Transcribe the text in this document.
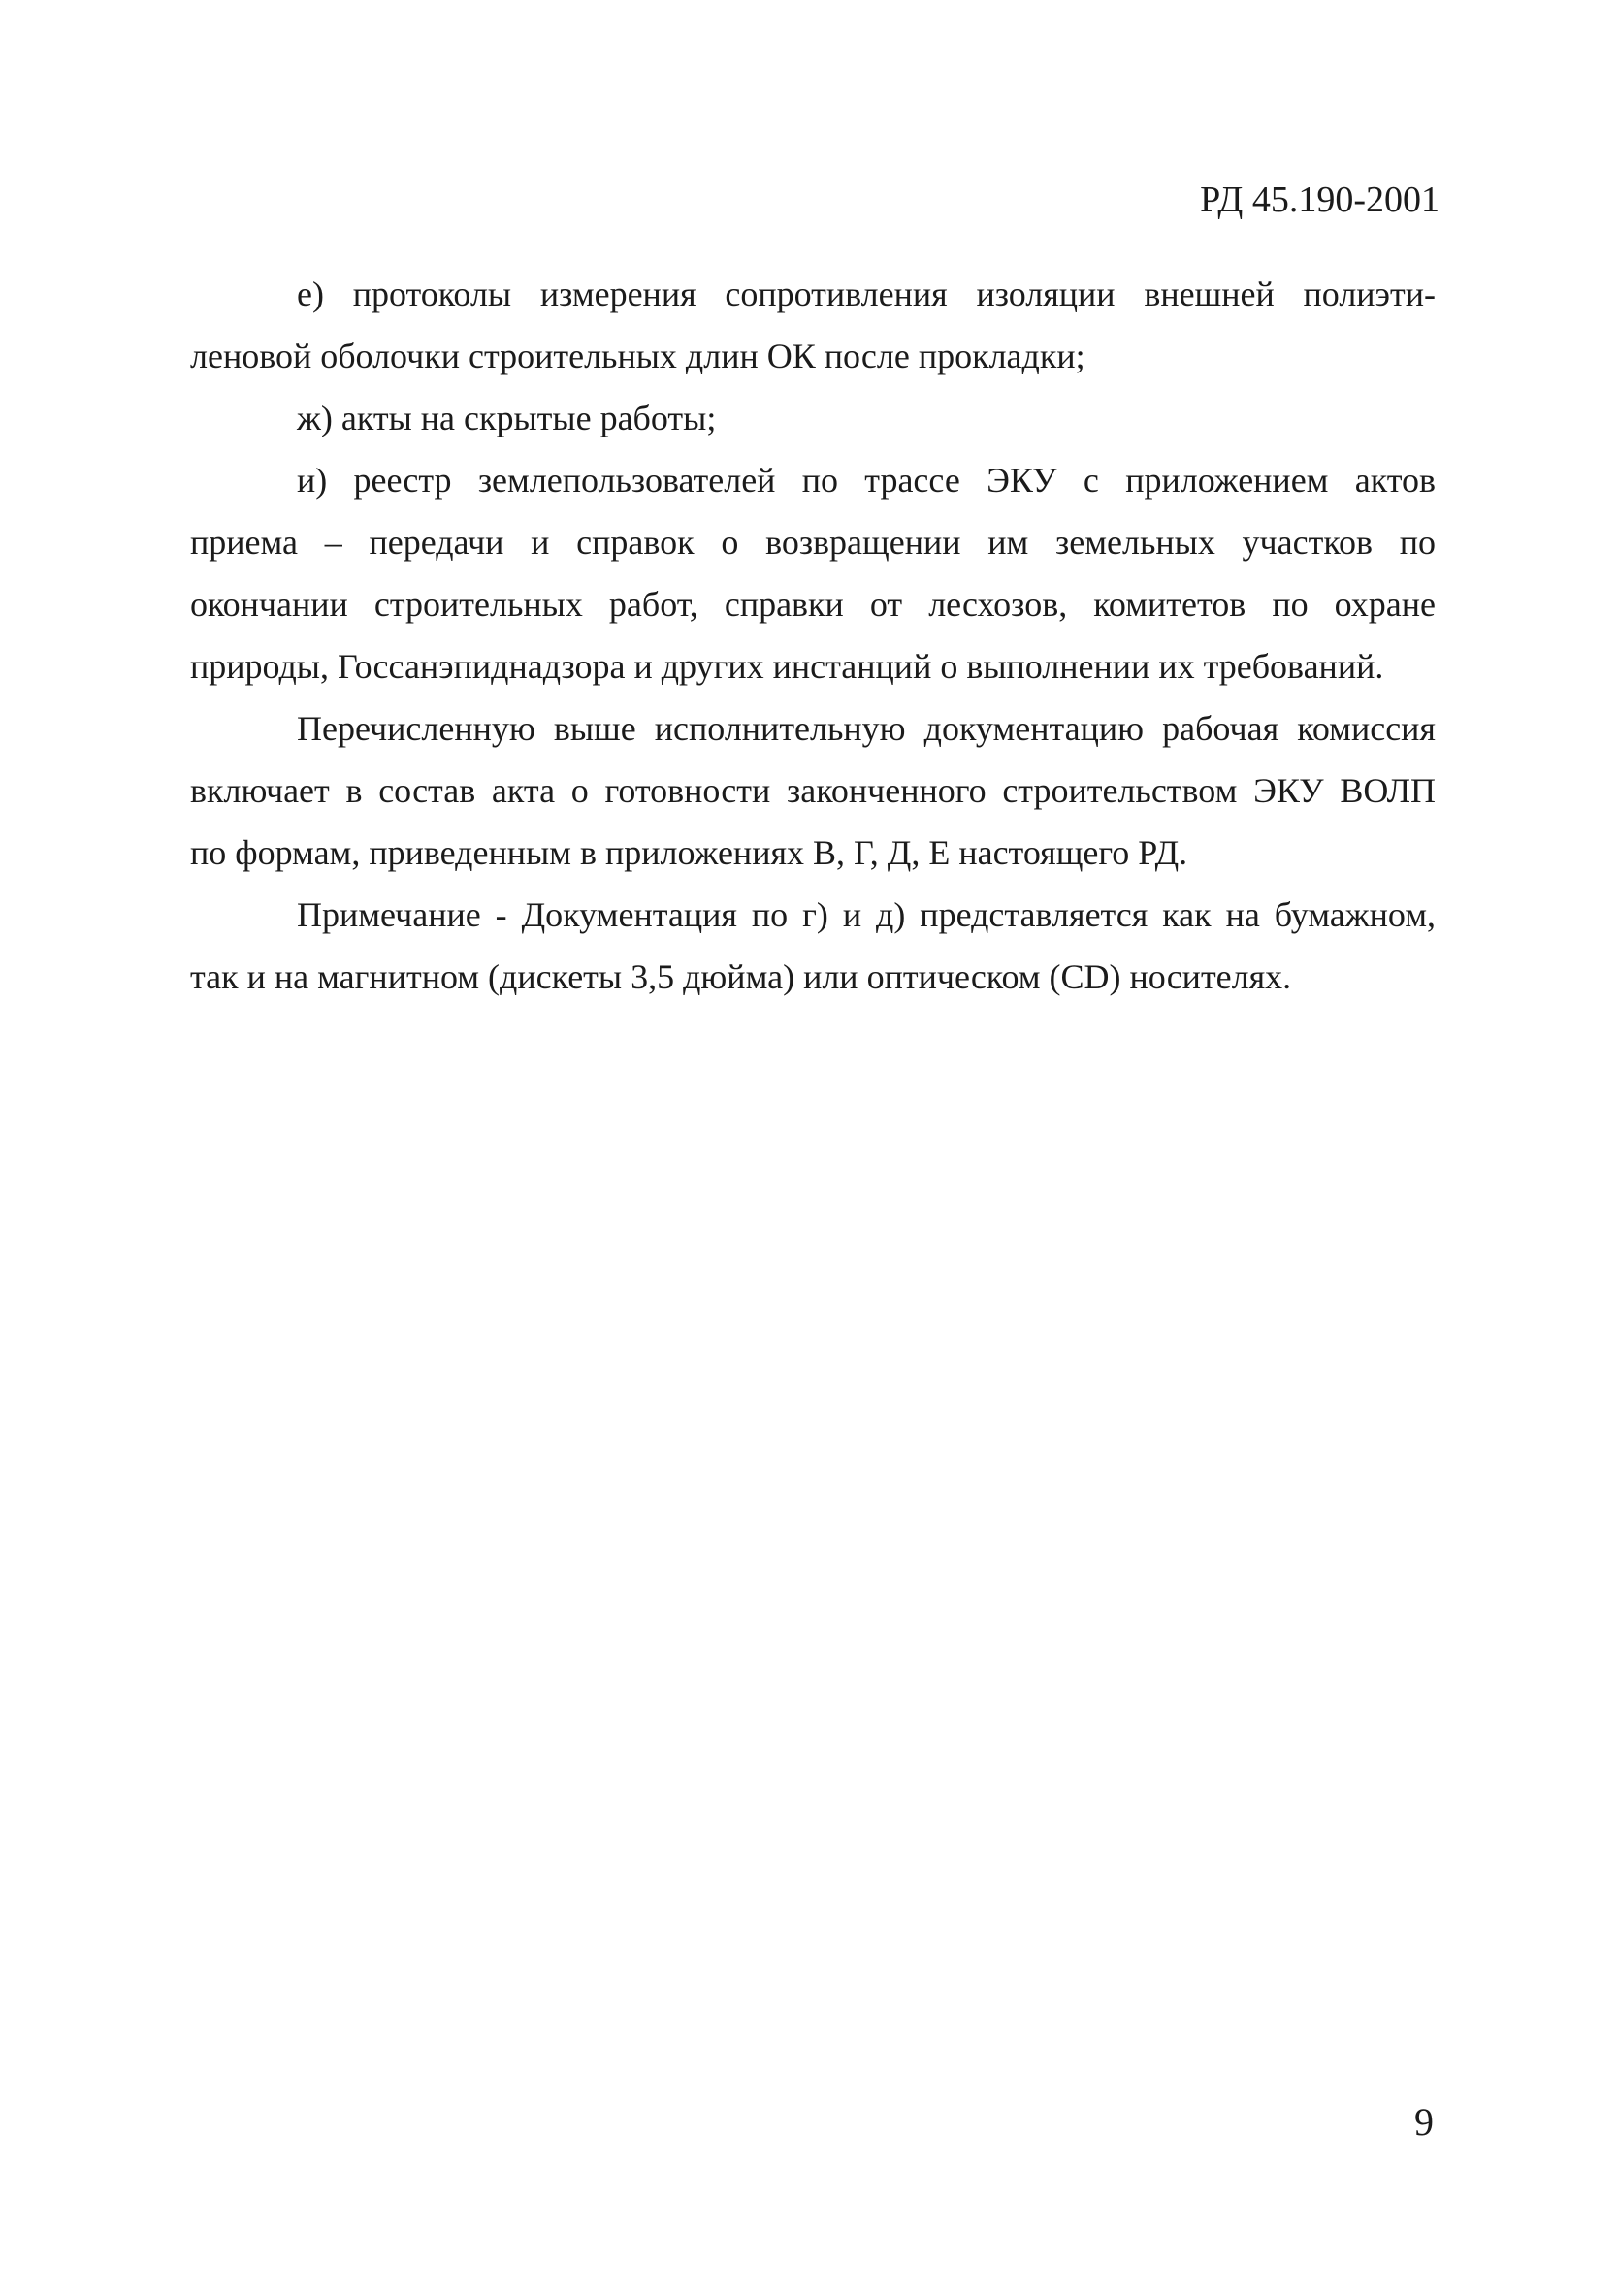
РД 45.190-2001
е) протоколы измерения сопротивления изоляции внешней полиэти-
леновой оболочки строительных длин ОК после прокладки;
ж) акты на скрытые работы;
и) реестр землепользователей по трассе ЭКУ с приложением актов
приема – передачи и справок о возвращении им земельных участков по
окончании строительных работ, справки от лесхозов, комитетов по охране
природы, Госсанэпиднадзора и других инстанций о выполнении их требований.
Перечисленную выше исполнительную документацию рабочая комиссия
включает в состав акта о готовности законченного строительством ЭКУ ВОЛП
по формам, приведенным в приложениях В, Г, Д, Е настоящего РД.
Примечание - Документация по г) и д) представляется как на бумажном,
так и на магнитном (дискеты 3,5 дюйма) или оптическом (CD) носителях.
9
